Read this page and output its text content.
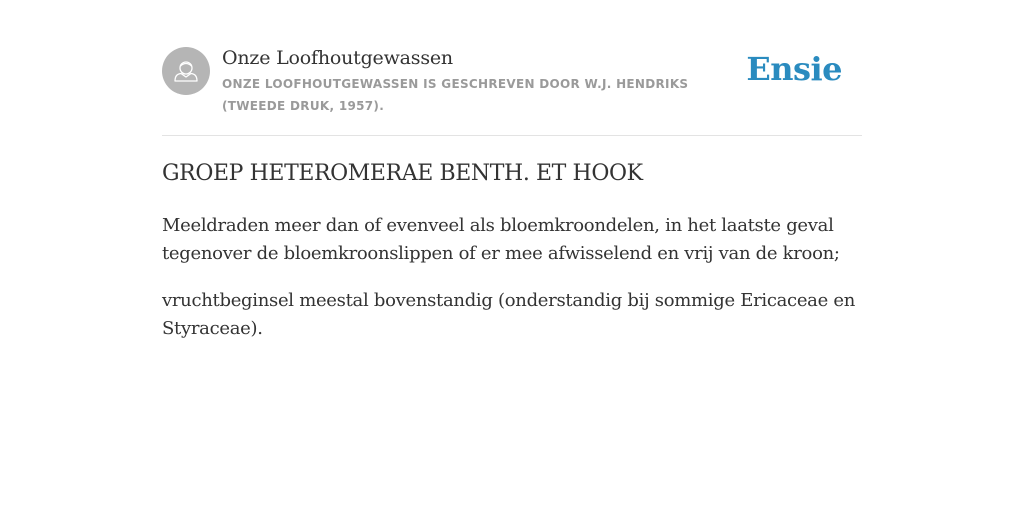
Onze Loofhoutgewassen
ONZE LOOFHOUTGEWASSEN IS GESCHREVEN DOOR W.J. HENDRIKS (TWEEDE DRUK, 1957).
Ensie
GROEP HETEROMERAE BENTH. ET HOOK

Meeldraden meer dan of evenveel als bloemkroondelen, in het laatste geval tegenover de bloemkroonslippen of er mee afwisselend en vrij van de kroon;

vruchtbeginsel meestal bovenstandig (onderstandig bij sommige Ericaceae en Styraceae).
